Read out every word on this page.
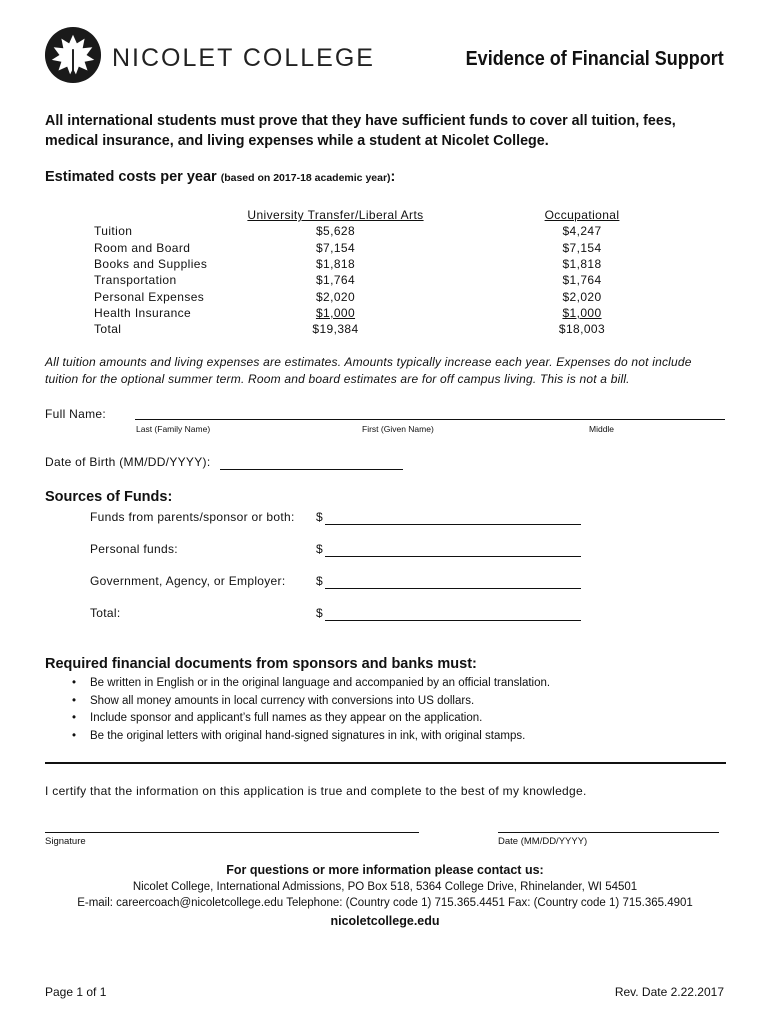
NICOLET COLLEGE	Evidence of Financial Support
All international students must prove that they have sufficient funds to cover all tuition, fees, medical insurance, and living expenses while a student at Nicolet College.
Estimated costs per year (based on 2017-18 academic year):
	University Transfer/Liberal Arts	Occupational
Tuition	$5,628	$4,247
Room and Board	$7,154	$7,154
Books and Supplies	$1,818	$1,818
Transportation	$1,764	$1,764
Personal Expenses	$2,020	$2,020
Health Insurance	$1,000	$1,000
Total	$19,384	$18,003
All tuition amounts and living expenses are estimates. Amounts typically increase each year. Expenses do not include tuition for the optional summer term. Room and board estimates are for off campus living. This is not a bill.
Full Name:
Last (Family Name)	First (Given Name)	Middle
Date of Birth (MM/DD/YYYY):
Sources of Funds:
Funds from parents/sponsor or both: $
Personal funds:	$
Government, Agency, or Employer:	$
Total:	$
Required financial documents from sponsors and banks must:
• Be written in English or in the original language and accompanied by an official translation.
• Show all money amounts in local currency with conversions into US dollars.
• Include sponsor and applicant’s full names as they appear on the application.
• Be the original letters with original hand-signed signatures in ink, with original stamps.
I certify that the information on this application is true and complete to the best of my knowledge.
Signature	Date (MM/DD/YYYY)
For questions or more information please contact us:
Nicolet College, International Admissions, PO Box 518, 5364 College Drive, Rhinelander, WI 54501
E-mail: careercoach@nicoletcollege.edu Telephone: (Country code 1) 715.365.4451 Fax: (Country code 1) 715.365.4901
nicoletcollege.edu
Page 1 of 1	Rev. Date 2.22.2017
